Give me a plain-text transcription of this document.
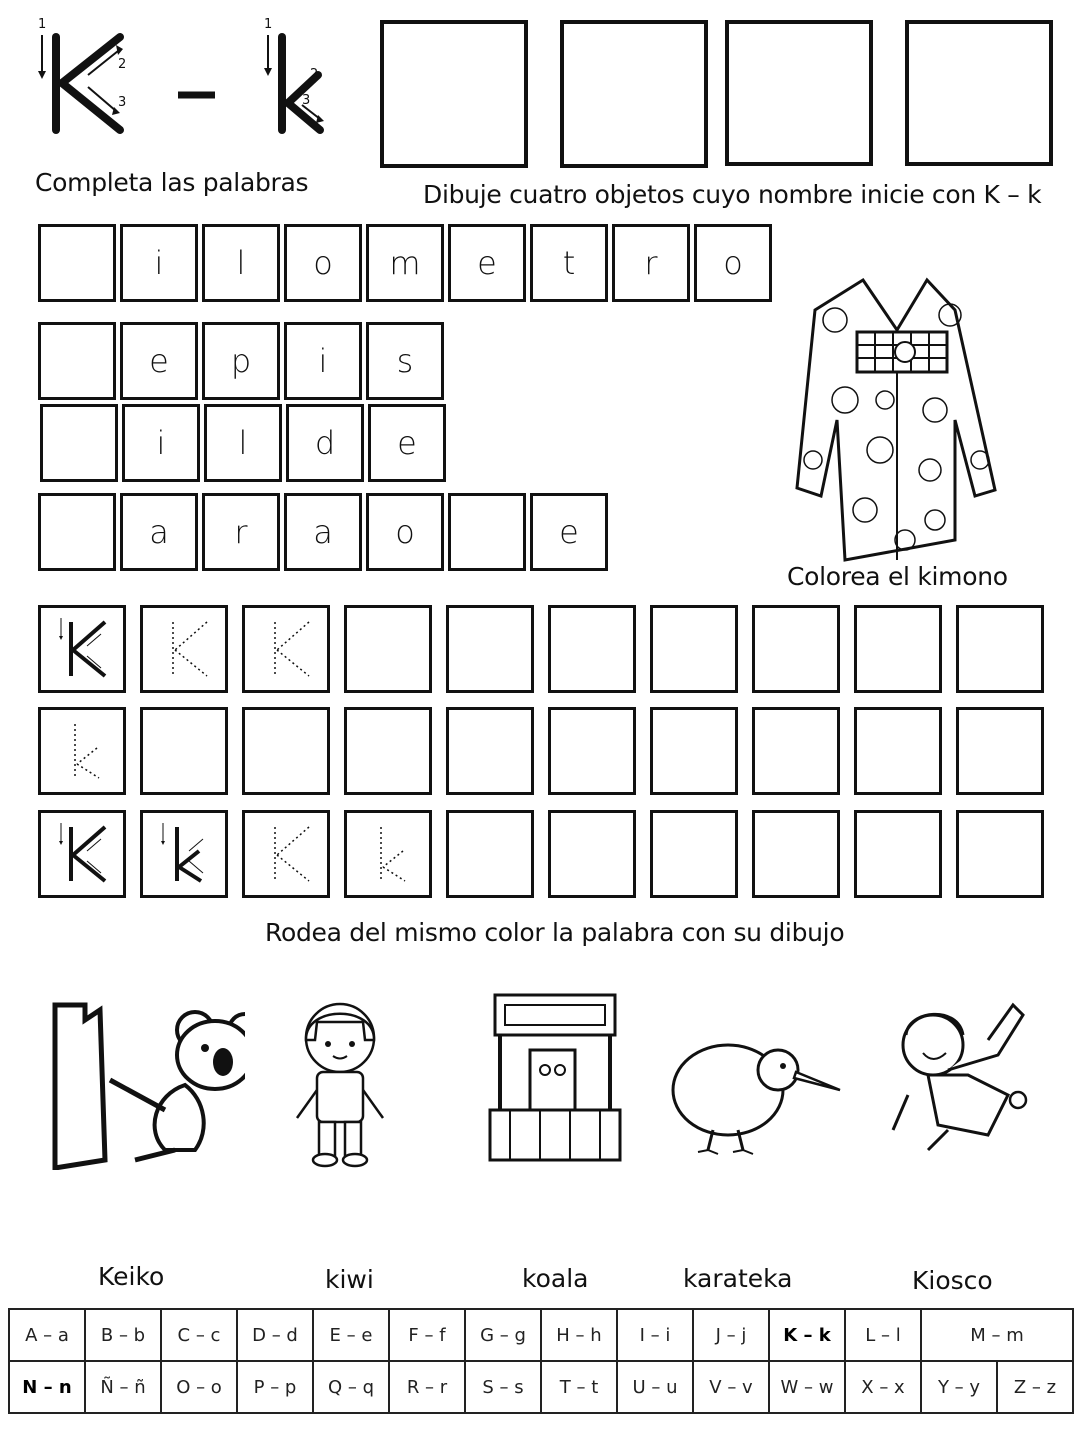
1
2
3
1
2
3
Completa las palabras	Dibuje cuatro objetos cuyo nombre inicie con K – k
i	l	o	m	e	t	r	o
e	p	i	s
i	l	d	e
a	r	a	o	e
Colorea el kimono
Rodea del mismo color la palabra con su dibujo
Keiko	kiwi	koala	karateka	Kiosco
A – a	B – b	C – c	D – d	E – e	F – f	G – g	H – h	I – i	J – j	K – k	L – l	M – m	
N – n	Ñ – ñ	O – o	P – p	Q – q	R – r	S – s	T – t	U – u	V – v	W – w	X – x	Y – y	Z – z
